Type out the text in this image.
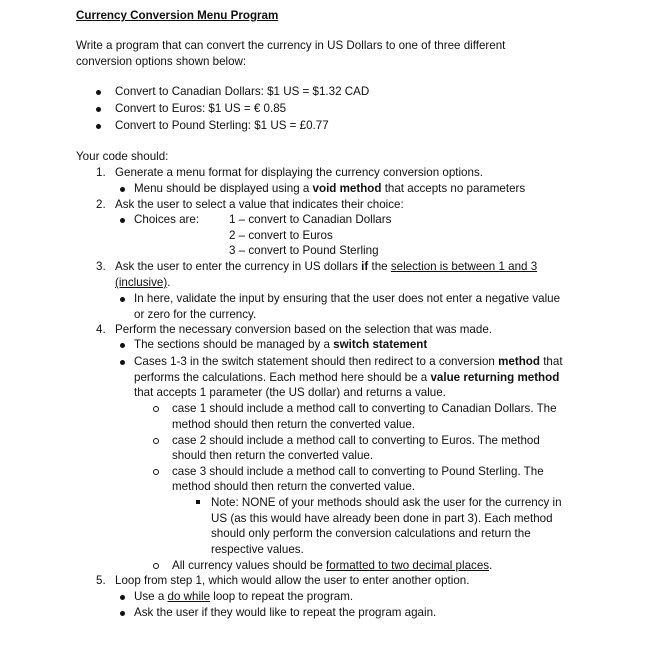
Currency Conversion Menu Program
Write a program that can convert the currency in US Dollars to one of three different
conversion options shown below:
Convert to Canadian Dollars: $1 US = $1.32 CAD
Convert to Euros: $1 US = € 0.85
Convert to Pound Sterling: $1 US = £0.77
Your code should:
1. Generate a menu format for displaying the currency conversion options.
Menu should be displayed using a void method that accepts no parameters
2. Ask the user to select a value that indicates their choice:
Choices are:	1 – convert to Canadian Dollars
2 – convert to Euros
3 – convert to Pound Sterling
3. Ask the user to enter the currency in US dollars if the selection is between 1 and 3
(inclusive).
In here, validate the input by ensuring that the user does not enter a negative value
or zero for the currency.
4. Perform the necessary conversion based on the selection that was made.
The sections should be managed by a switch statement
Cases 1-3 in the switch statement should then redirect to a conversion method that
performs the calculations. Each method here should be a value returning method
that accepts 1 parameter (the US dollar) and returns a value.
case 1 should include a method call to converting to Canadian Dollars. The
method should then return the converted value.
case 2 should include a method call to converting to Euros. The method
should then return the converted value.
case 3 should include a method call to converting to Pound Sterling. The
method should then return the converted value.
Note: NONE of your methods should ask the user for the currency in
US (as this would have already been done in part 3). Each method
should only perform the conversion calculations and return the
respective values.
All currency values should be formatted to two decimal places.
5. Loop from step 1, which would allow the user to enter another option.
Use a do while loop to repeat the program.
Ask the user if they would like to repeat the program again.
